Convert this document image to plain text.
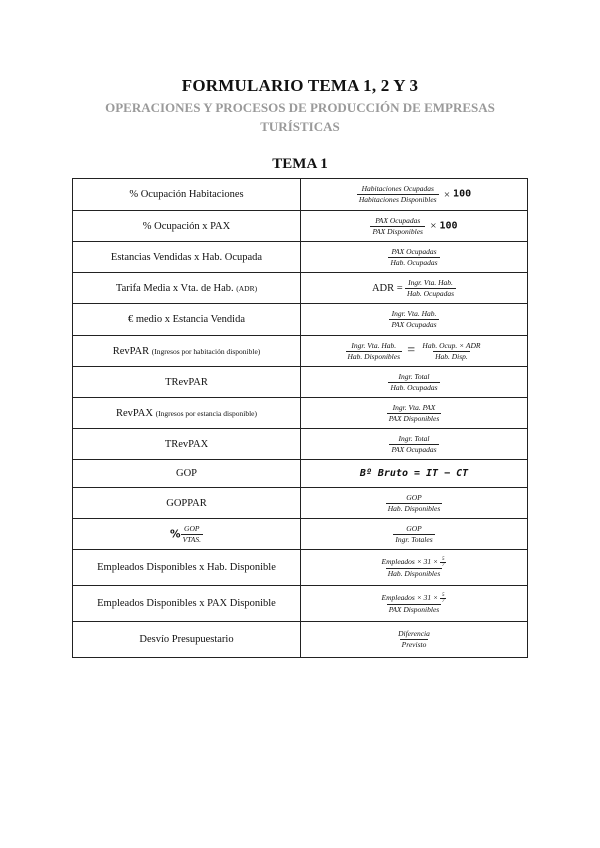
FORMULARIO TEMA 1, 2 Y 3
OPERACIONES Y PROCESOS DE PRODUCCIÓN DE EMPRESAS TURÍSTICAS
TEMA 1
% Ocupación Habitaciones	$\frac{\text{Habitaciones Ocupadas}}{\text{Habitaciones Disponibles}} \times 100$
% Ocupación x PAX	$\frac{\text{PAX Ocupadas}}{\text{PAX Disponibles}} \times 100$
Estancias Vendidas x Hab. Ocupada	$\frac{\text{PAX Ocupadas}}{\text{Hab. Ocupadas}}$

Tarifa Media x Vta. de Hab. (ADR)	ADR = $\frac{\text{Ingr. Vta. Hab.}}{\text{Hab. Ocupadas}}$

€ medio x Estancia Vendida	$\frac{\text{Ingr. Vta. Hab.}}{\text{PAX Ocupadas}}$

RevPAR (Ingresos por habitación disponible)	$\frac{\text{Ingr. Vta. Hab.}}{\text{Hab. Disponibles}} = \frac{\text{Hab. Ocup. × ADR}}{\text{Hab. Disp.}}$

TRevPAR	$\frac{\text{Ingr. Total}}{\text{Hab. Ocupadas}}$

RevPAX (Ingresos por estancia disponible)	$\frac{\text{Ingr. Vta. PAX}}{\text{PAX Disponibles}}$

TRevPAX	$\frac{\text{Ingr. Total}}{\text{PAX Ocupadas}}$

GOP	Bº Bruto = IT − CT
GOPPAR	$\frac{\text{GOP}}{\text{Hab. Disponibles}}$

% $\frac{\text{GOP}}{\text{VTAS.}}$	$\frac{\text{GOP}}{\text{Ingr. Totales}}$

Empleados Disponibles x Hab. Disponible	$\frac{Empleados \times 31 \times \frac{5}{7}}{\text{Hab. Disponibles}}$

Empleados Disponibles x PAX Disponible	$\frac{Empleados \times 31 \times \frac{5}{7}}{\text{PAX Disponibles}}$

Desvío Presupuestario	$\frac{\text{Diferencia}}{\text{Previsto}}$
